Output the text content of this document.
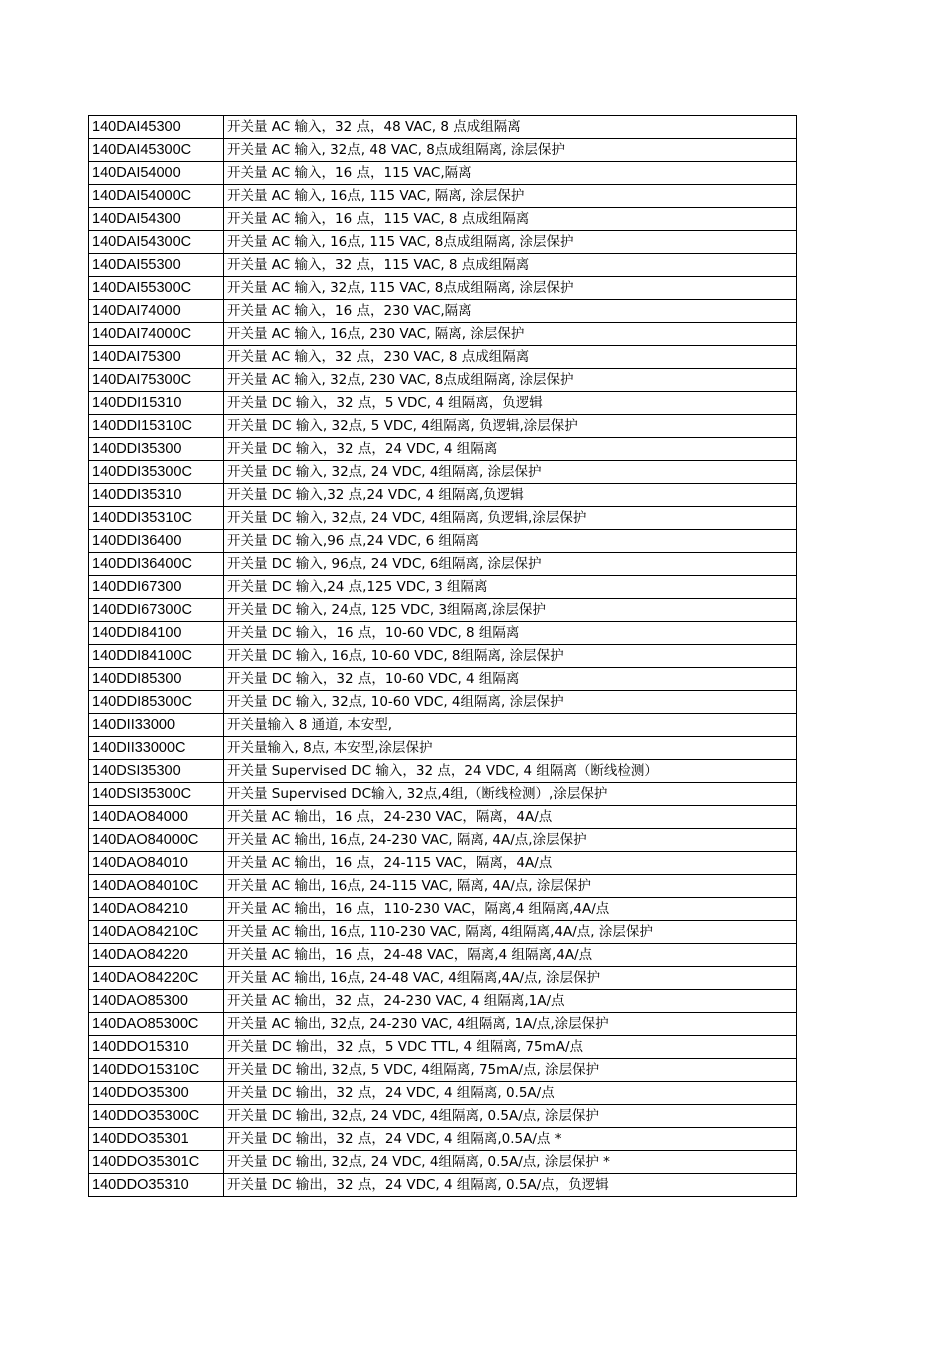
140DAI45300	开关量 AC 输入，32 点，48 VAC, 8 点成组隔离
140DAI45300C	开关量 AC 输入, 32点, 48 VAC, 8点成组隔离, 涂层保护
140DAI54000	开关量 AC 输入，16 点，115 VAC,隔离
140DAI54000C	开关量 AC 输入, 16点, 115 VAC, 隔离, 涂层保护
140DAI54300	开关量 AC 输入，16 点，115 VAC, 8 点成组隔离
140DAI54300C	开关量 AC 输入, 16点, 115 VAC, 8点成组隔离, 涂层保护
140DAI55300	开关量 AC 输入，32 点，115 VAC, 8 点成组隔离
140DAI55300C	开关量 AC 输入, 32点, 115 VAC, 8点成组隔离, 涂层保护
140DAI74000	开关量 AC 输入，16 点，230 VAC,隔离
140DAI74000C	开关量 AC 输入, 16点, 230 VAC, 隔离, 涂层保护
140DAI75300	开关量 AC 输入，32 点，230 VAC, 8 点成组隔离
140DAI75300C	开关量 AC 输入, 32点, 230 VAC, 8点成组隔离, 涂层保护
140DDI15310	开关量 DC 输入，32 点，5 VDC, 4 组隔离，负逻辑
140DDI15310C	开关量 DC 输入, 32点, 5 VDC, 4组隔离, 负逻辑,涂层保护
140DDI35300	开关量 DC 输入，32 点，24 VDC, 4 组隔离
140DDI35300C	开关量 DC 输入, 32点, 24 VDC, 4组隔离, 涂层保护
140DDI35310	开关量 DC 输入,32 点,24 VDC, 4 组隔离,负逻辑
140DDI35310C	开关量 DC 输入, 32点, 24 VDC, 4组隔离, 负逻辑,涂层保护
140DDI36400	开关量 DC 输入,96 点,24 VDC, 6 组隔离
140DDI36400C	开关量 DC 输入, 96点, 24 VDC, 6组隔离, 涂层保护
140DDI67300	开关量 DC 输入,24 点,125 VDC, 3 组隔离
140DDI67300C	开关量 DC 输入, 24点, 125 VDC, 3组隔离,涂层保护
140DDI84100	开关量 DC 输入，16 点，10-60 VDC, 8 组隔离
140DDI84100C	开关量 DC 输入, 16点, 10-60 VDC, 8组隔离, 涂层保护
140DDI85300	开关量 DC 输入，32 点，10-60 VDC, 4 组隔离
140DDI85300C	开关量 DC 输入, 32点, 10-60 VDC, 4组隔离, 涂层保护
140DII33000	开关量输入 8 通道, 本安型,
140DII33000C	开关量输入, 8点, 本安型,涂层保护
140DSI35300	开关量 Supervised DC 输入，32 点，24 VDC, 4 组隔离（断线检测）
140DSI35300C	开关量 Supervised DC输入, 32点,4组,（断线检测）,涂层保护
140DAO84000	开关量 AC 输出，16 点，24-230 VAC，隔离，4A/点
140DAO84000C	开关量 AC 输出, 16点, 24-230 VAC, 隔离, 4A/点,涂层保护
140DAO84010	开关量 AC 输出，16 点，24-115 VAC，隔离，4A/点
140DAO84010C	开关量 AC 输出, 16点, 24-115 VAC, 隔离, 4A/点, 涂层保护
140DAO84210	开关量 AC 输出，16 点，110-230 VAC，隔离,4 组隔离,4A/点
140DAO84210C	开关量 AC 输出, 16点, 110-230 VAC, 隔离, 4组隔离,4A/点, 涂层保护
140DAO84220	开关量 AC 输出，16 点，24-48 VAC，隔离,4 组隔离,4A/点
140DAO84220C	开关量 AC 输出, 16点, 24-48 VAC, 4组隔离,4A/点, 涂层保护
140DAO85300	开关量 AC 输出，32 点，24-230 VAC, 4 组隔离,1A/点
140DAO85300C	开关量 AC 输出, 32点, 24-230 VAC, 4组隔离, 1A/点,涂层保护
140DDO15310	开关量 DC 输出，32 点，5 VDC TTL, 4 组隔离, 75mA/点
140DDO15310C	开关量 DC 输出, 32点, 5 VDC, 4组隔离, 75mA/点, 涂层保护
140DDO35300	开关量 DC 输出，32 点，24 VDC, 4 组隔离, 0.5A/点
140DDO35300C	开关量 DC 输出, 32点, 24 VDC, 4组隔离, 0.5A/点, 涂层保护
140DDO35301	开关量 DC 输出，32 点，24 VDC, 4 组隔离,0.5A/点 *
140DDO35301C	开关量 DC 输出, 32点, 24 VDC, 4组隔离, 0.5A/点, 涂层保护 *
140DDO35310	开关量 DC 输出，32 点，24 VDC, 4 组隔离, 0.5A/点，负逻辑
